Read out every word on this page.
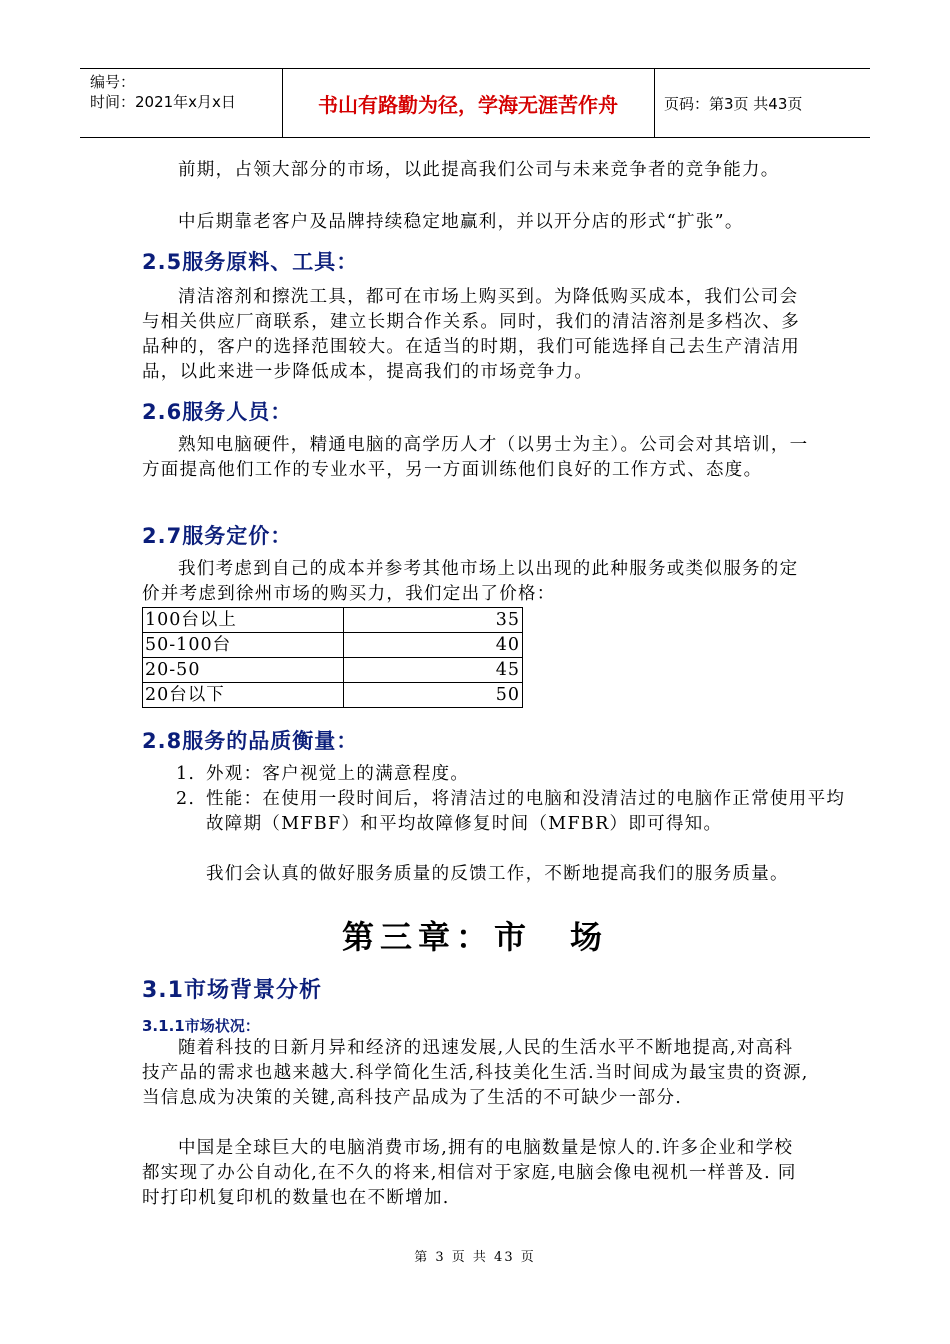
编号：
时间：2021年x月x日	书山有路勤为径，学海无涯苦作舟	页码：第3页 共43页
前期，占领大部分的市场，以此提高我们公司与未来竞争者的竞争能力。
中后期靠老客户及品牌持续稳定地赢利，并以开分店的形式“扩张”。
2.5服务原料、工具：
清洁溶剂和擦洗工具，都可在市场上购买到。为降低购买成本，我们公司会与相关供应厂商联系，建立长期合作关系。同时，我们的清洁溶剂是多档次、多品种的，客户的选择范围较大。在适当的时期，我们可能选择自己去生产清洁用品，以此来进一步降低成本，提高我们的市场竞争力。
2.6服务人员：
熟知电脑硬件，精通电脑的高学历人才（以男士为主）。公司会对其培训，一方面提高他们工作的专业水平，另一方面训练他们良好的工作方式、态度。
2.7服务定价：
我们考虑到自己的成本并参考其他市场上以出现的此种服务或类似服务的定价并考虑到徐州市场的购买力，我们定出了价格：
100台以上	35
50-100台	40
20-50	45
20台以下	50
2.8服务的品质衡量：
1. 外观：客户视觉上的满意程度。
2. 性能：在使用一段时间后，将清洁过的电脑和没清洁过的电脑作正常使用平均故障期（MFBF）和平均故障修复时间（MFBR）即可得知。
我们会认真的做好服务质量的反馈工作，不断地提高我们的服务质量。
第三章：市　场
3.1市场背景分析
3.1.1市场状况：
随着科技的日新月异和经济的迅速发展,人民的生活水平不断地提高,对高科技产品的需求也越来越大.科学简化生活,科技美化生活.当时间成为最宝贵的资源,当信息成为决策的关键,高科技产品成为了生活的不可缺少一部分.
中国是全球巨大的电脑消费市场,拥有的电脑数量是惊人的.许多企业和学校都实现了办公自动化,在不久的将来,相信对于家庭,电脑会像电视机一样普及. 同时打印机复印机的数量也在不断增加.
第 3 页 共 43 页
